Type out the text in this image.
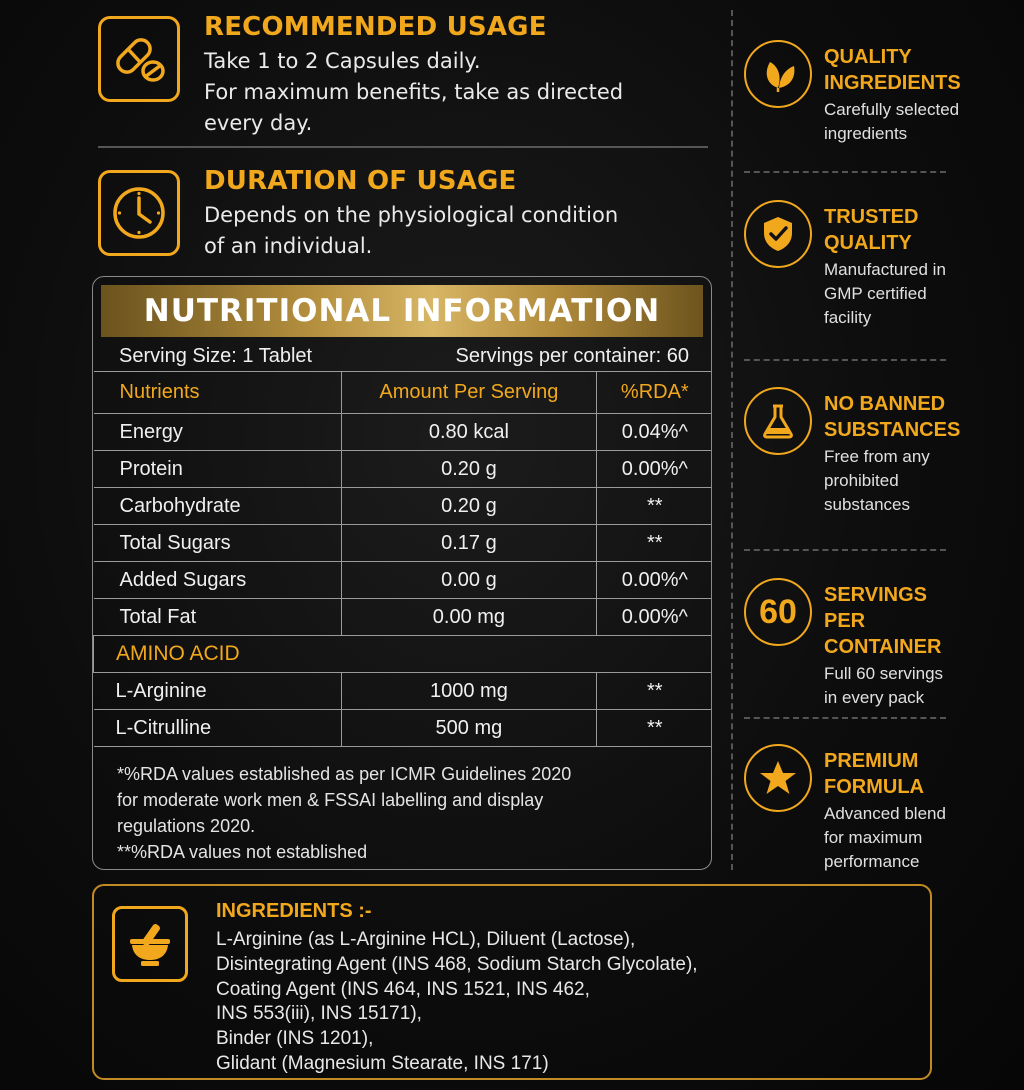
RECOMMENDED USAGE
Take 1 to 2 Capsules daily.
For maximum benefits, take as directed
every day.
DURATION OF USAGE
Depends on the physiological condition
of an individual.
NUTRITIONAL INFORMATION
Serving Size: 1 Tablet	Servings per container: 60
Nutrients	Amount Per Serving	%RDA*
Energy	0.80 kcal	0.04%^
Protein	0.20 g	0.00%^
Carbohydrate	0.20 g	**
Total Sugars	0.17 g	**
Added Sugars	0.00 g	0.00%^
Total Fat	0.00 mg	0.00%^
AMINO ACID		
L-Arginine	1000 mg	**
L-Citrulline	500 mg	**
*%RDA values established as per ICMR Guidelines 2020
for moderate work men & FSSAI labelling and display
regulations 2020.
**%RDA values not established
QUALITY
INGREDIENTS
Carefully selected
ingredients
TRUSTED
QUALITY
Manufactured in
GMP certified
facility
NO BANNED
SUBSTANCES
Free from any
prohibited
substances
60 SERVINGS
PER CONTAINER
Full 60 servings
in every pack
PREMIUM
FORMULA
Advanced blend
for maximum
performance
INGREDIENTS :-
L-Arginine (as L-Arginine HCL), Diluent (Lactose),
Disintegrating Agent (INS 468, Sodium Starch Glycolate),
Coating Agent (INS 464, INS 1521, INS 462,
INS 553(iii), INS 15171),
Binder (INS 1201),
Glidant (Magnesium Stearate, INS 171)
